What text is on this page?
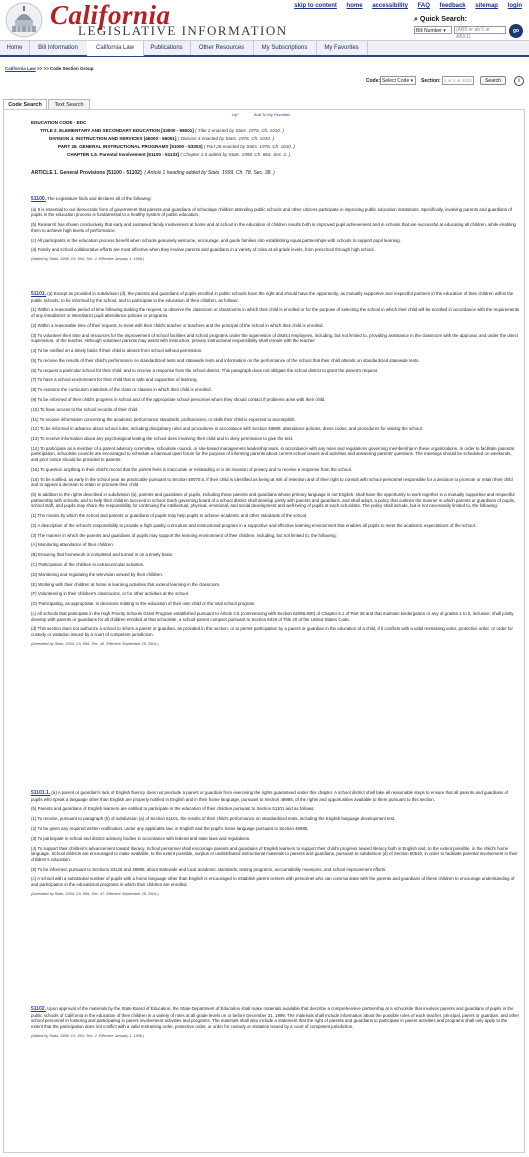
California
LEGISLATIVE INFORMATION
skip to content home accessibility FAQ feedback sitemap login
⌕ Quick Search:
Bill Number ▾	(AB5 or ab 5 or ABX1)
go
Home	Bill Information	California Law	Publications	Other Resources	My Subscriptions	My Favorites
California Law >> >> Code Section Group
Code: Select Code ▾	Section: 1 or 2 or 1001	Search	i
Code Search	Text Search
Up^	Add To My Favorites
EDUCATION CODE - EDC
TITLE 2. ELEMENTARY AND SECONDARY EDUCATION [33000 - 66001] ( Title 2 enacted by Stats. 1976, Ch. 1010. )
DIVISION 4. INSTRUCTION AND SERVICES [46000 - 66001] ( Division 4 enacted by Stats. 1976, Ch. 1010. )
PART 28. GENERAL INSTRUCTIONAL PROGRAMS [51000 - 53303] ( Part 28 enacted by Stats. 1976, Ch. 1010. )
CHAPTER 1.5. Parental Involvement [51100 - 51133] ( Chapter 1.5 added by Stats. 1998, Ch. 864, Sec. 2. )
ARTICLE 1. General Provisions [51100 - 51102] ( Article 1 heading added by Stats. 1999, Ch. 78, Sec. 38. )
51100. The Legislature finds and declares all of the following:
(a) It is essential to our democratic form of government that parents and guardians of schoolage children attending public schools and other citizens participate in improving public education institutions. Specifically, involving parents and guardians of pupils in the education process is fundamental to a healthy system of public education.
(b) Research has shown conclusively that early and sustained family involvement at home and at school in the education of children results both in improved pupil achievement and in schools that are successful at educating all children, while enabling them to achieve high levels of performance.
(c) All participants in the education process benefit when schools genuinely welcome, encourage, and guide families into establishing equal partnerships with schools to support pupil learning.
(d) Family and school collaborative efforts are most effective when they involve parents and guardians in a variety of roles at all grade levels, from preschool through high school.
(Added by Stats. 1998, Ch. 864, Sec. 2. Effective January 1, 1999.)
51101. (a) Except as provided in subdivision (d), the parents and guardians of pupils enrolled in public schools have the right and should have the opportunity, as mutually supportive and respectful partners in the education of their children within the public schools, to be informed by the school, and to participate in the education of their children, as follows:
(1) Within a reasonable period of time following making the request, to observe the classroom or classrooms in which their child is enrolled or for the purpose of selecting the school in which their child will be enrolled in accordance with the requirements of any intradistrict or interdistrict pupil attendance policies or programs.
(2) Within a reasonable time of their request, to meet with their child's teacher or teachers and the principal of the school in which their child is enrolled.
(3) To volunteer their time and resources for the improvement of school facilities and school programs under the supervision of district employees, including, but not limited to, providing assistance in the classroom with the approval, and under the direct supervision, of the teacher. Although volunteer parents may assist with instruction, primary instructional responsibility shall remain with the teacher.
(4) To be notified on a timely basis if their child is absent from school without permission.
(5) To receive the results of their child's performance on standardized tests and statewide tests and information on the performance of the school that their child attends on standardized statewide tests.
(6) To request a particular school for their child, and to receive a response from the school district. This paragraph does not obligate the school district to grant the parent's request.
(7) To have a school environment for their child that is safe and supportive of learning.
(8) To examine the curriculum materials of the class or classes in which their child is enrolled.
(9) To be informed of their child's progress in school and of the appropriate school personnel whom they should contact if problems arise with their child.
(10) To have access to the school records of their child.
(11) To receive information concerning the academic performance standards, proficiencies, or skills their child is expected to accomplish.
(12) To be informed in advance about school rules, including disciplinary rules and procedures in accordance with Section 48980, attendance policies, dress codes, and procedures for visiting the school.
(13) To receive information about any psychological testing the school does involving their child and to deny permission to give the test.
(14) To participate as a member of a parent advisory committee, schoolsite council, or site-based management leadership team, in accordance with any rules and regulations governing membership in these organizations. In order to facilitate parental participation, schoolsite councils are encouraged to schedule a biannual open forum for the purpose of informing parents about current school issues and activities and answering parents' questions. The meetings should be scheduled on weekends, and prior notice should be provided to parents.
(15) To question anything in their child's record that the parent feels is inaccurate or misleading or is an invasion of privacy and to receive a response from the school.
(16) To be notified, as early in the school year as practicable pursuant to Section 48070.5, if their child is identified as being at risk of retention and of their right to consult with school personnel responsible for a decision to promote or retain their child and to appeal a decision to retain or promote their child.
(b) In addition to the rights described in subdivision (a), parents and guardians of pupils, including those parents and guardians whose primary language is not English, shall have the opportunity to work together in a mutually supportive and respectful partnership with schools, and to help their children succeed in school. Each governing board of a school district shall develop jointly with parents and guardians, and shall adopt, a policy that outlines the manner in which parents or guardians of pupils, school staff, and pupils may share the responsibility for continuing the intellectual, physical, emotional, and social development and well-being of pupils at each schoolsite. The policy shall include, but is not necessarily limited to, the following:
(1) The means by which the school and parents or guardians of pupils may help pupils to achieve academic and other standards of the school.
(2) A description of the school's responsibility to provide a high quality curriculum and instructional program in a supportive and effective learning environment that enables all pupils to meet the academic expectations of the school.
(3) The manner in which the parents and guardians of pupils may support the learning environment of their children, including, but not limited to, the following:
(A) Monitoring attendance of their children.
(B) Ensuring that homework is completed and turned in on a timely basis.
(C) Participation of the children in extracurricular activities.
(D) Monitoring and regulating the television viewed by their children.
(E) Working with their children at home in learning activities that extend learning in the classroom.
(F) Volunteering in their children's classrooms, or for other activities at the school.
(G) Participating, as appropriate, in decisions relating to the education of their own child or the total school program.
(c) All schools that participate in the High Priority Schools Grant Program established pursuant to Article 3.5 (commencing with Section 52055.600) of Chapter 6.1 of Part 28 and that maintain kindergarten or any of grades 1 to 5, inclusive, shall jointly develop with parents or guardians for all children enrolled at that schoolsite, a school-parent compact pursuant to Section 6319 of Title 20 of the United States Code.
(d) This section does not authorize a school to inform a parent or guardian, as provided in this section, or to permit participation by a parent or guardian in the education of a child, if it conflicts with a valid restraining order, protective order, or order for custody or visitation issued by a court of competent jurisdiction.
(Amended by Stats. 2004, Ch. 896, Sec. 46. Effective September 29, 2004.)
51101.1. (a) A parent or guardian's lack of English fluency does not preclude a parent or guardian from exercising the rights guaranteed under this chapter. A school district shall take all reasonable steps to ensure that all parents and guardians of pupils who speak a language other than English are properly notified in English and in their home language, pursuant to Section 48985, of the rights and opportunities available to them pursuant to this section.
(b) Parents and guardians of English learners are entitled to participate in the education of their children pursuant to Section 51101 and as follows:
(1) To receive, pursuant to paragraph (5) of subdivision (a) of Section 51101, the results of their child's performance on standardized tests, including the English language development test.
(2) To be given any required written notification, under any applicable law, in English and the pupil's home language pursuant to Section 48985.
(3) To participate in school and district advisory bodies in accordance with federal and state laws and regulations.
(4) To support their children's advancement toward literacy. School personnel shall encourage parents and guardians of English learners to support their child's progress toward literacy both in English and, to the extent possible, in the child's home language. School districts are encouraged to make available, to the extent possible, surplus or undistributed instructional materials to parents and guardians, pursuant to subdivision (d) of Section 60510, in order to facilitate parental involvement in their children's education.
(5) To be informed, pursuant to Sections 33126 and 48985, about statewide and local academic standards, testing programs, accountability measures, and school improvement efforts.
(c) A school with a substantial number of pupils with a home language other than English is encouraged to establish parent centers with personnel who can communicate with the parents and guardians of these children to encourage understanding of and participation in the educational programs in which their children are enrolled.
(Amended by Stats. 2004, Ch. 896, Sec. 47. Effective September 29, 2004.)
51102. Upon approval of the materials by the State Board of Education, the State Department of Education shall make materials available that describe a comprehensive partnership at a schoolsite that involves parents and guardians of pupils in the public schools of California in the education of their children in a variety of roles at all grade levels on or before December 31, 1999. The materials shall include information about the possible roles of each teacher, principal, parent or guardian, and other school personnel in fostering and participating in parent involvement activities and programs. The materials shall also include a statement that the right of parents and guardians to participate in parent activities and programs shall only apply to the extent that the participation does not conflict with a valid restraining order, protective order, or order for custody or visitation issued by a court of competent jurisdiction.
(Added by Stats. 1998, Ch. 864, Sec. 2. Effective January 1, 1999.)
